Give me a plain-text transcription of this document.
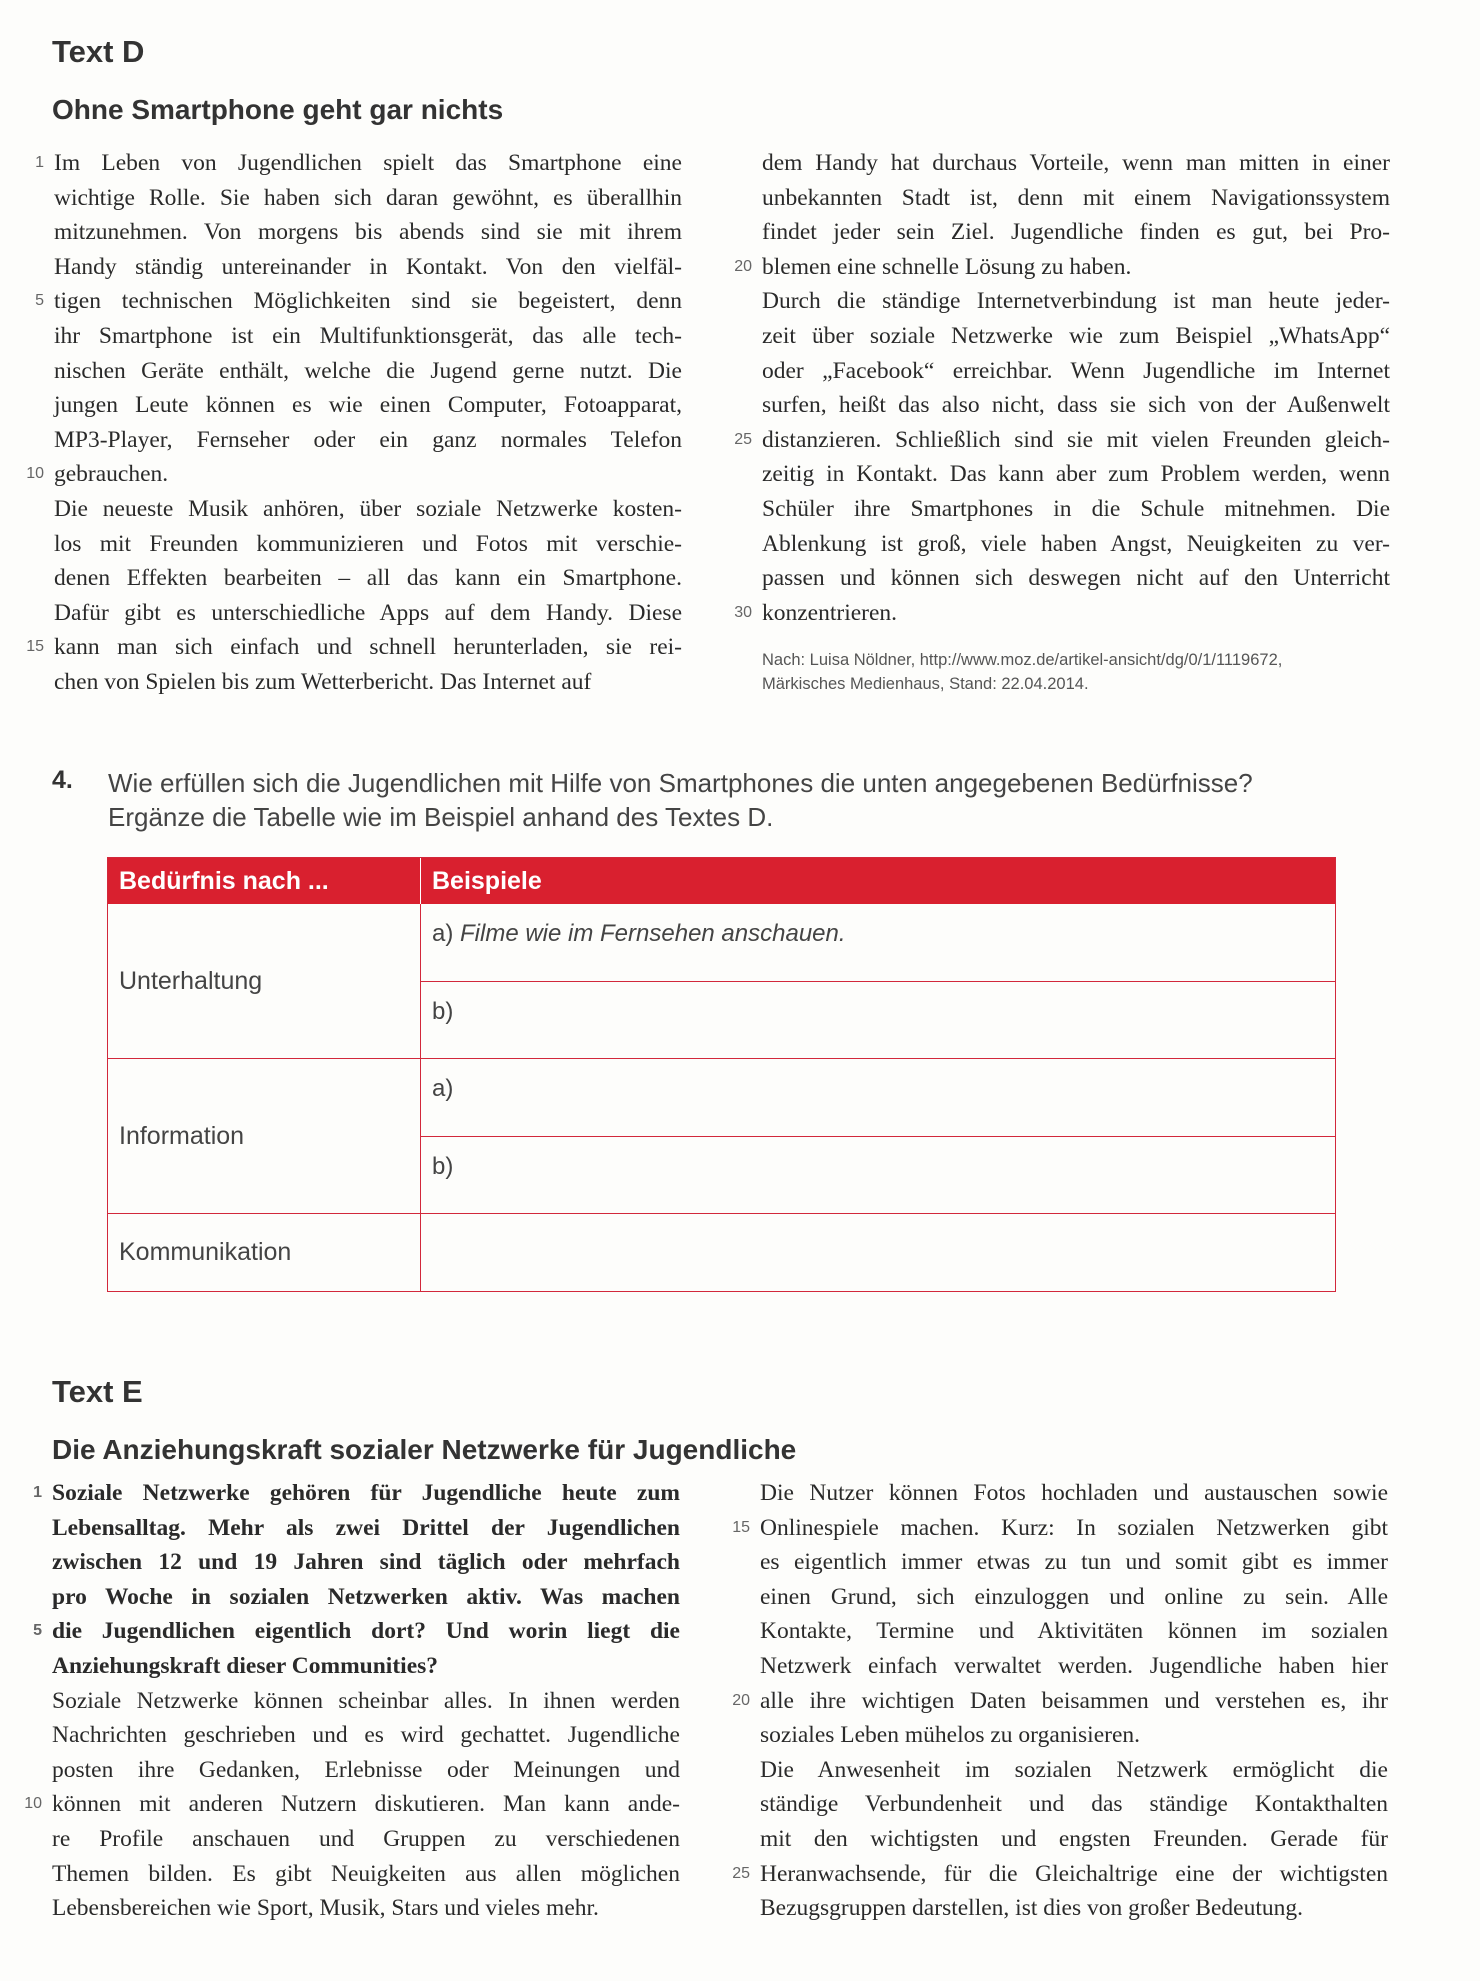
Text D
Ohne Smartphone geht gar nichts
1 Im Leben von Jugendlichen spielt das Smartphone eine
wichtige Rolle. Sie haben sich daran gewöhnt, es überallhin
mitzunehmen. Von morgens bis abends sind sie mit ihrem
Handy ständig untereinander in Kontakt. Von den vielfäl-
5 tigen technischen Möglichkeiten sind sie begeistert, denn
ihr Smartphone ist ein Multifunktionsgerät, das alle tech-
nischen Geräte enthält, welche die Jugend gerne nutzt. Die
jungen Leute können es wie einen Computer, Fotoapparat,
MP3-Player, Fernseher oder ein ganz normales Telefon
10 gebrauchen.
Die neueste Musik anhören, über soziale Netzwerke kosten-
los mit Freunden kommunizieren und Fotos mit verschie-
denen Effekten bearbeiten – all das kann ein Smartphone.
Dafür gibt es unterschiedliche Apps auf dem Handy. Diese
15 kann man sich einfach und schnell herunterladen, sie rei-
chen von Spielen bis zum Wetterbericht. Das Internet auf
dem Handy hat durchaus Vorteile, wenn man mitten in einer
unbekannten Stadt ist, denn mit einem Navigationssystem
findet jeder sein Ziel. Jugendliche finden es gut, bei Pro-
20 blemen eine schnelle Lösung zu haben.
Durch die ständige Internetverbindung ist man heute jeder-
zeit über soziale Netzwerke wie zum Beispiel „WhatsApp“
oder „Facebook“ erreichbar. Wenn Jugendliche im Internet
surfen, heißt das also nicht, dass sie sich von der Außenwelt
25 distanzieren. Schließlich sind sie mit vielen Freunden gleich-
zeitig in Kontakt. Das kann aber zum Problem werden, wenn
Schüler ihre Smartphones in die Schule mitnehmen. Die
Ablenkung ist groß, viele haben Angst, Neuigkeiten zu ver-
passen und können sich deswegen nicht auf den Unterricht
30 konzentrieren.
Nach: Luisa Nöldner, http://www.moz.de/artikel-ansicht/dg/0/1/1119672,
Märkisches Medienhaus, Stand: 22.04.2014.
4. Wie erfüllen sich die Jugendlichen mit Hilfe von Smartphones die unten angegebenen Bedürfnisse?
Ergänze die Tabelle wie im Beispiel anhand des Textes D.
Bedürfnis nach ...	Beispiele
Unterhaltung
a) Filme wie im Fernsehen anschauen.
b)
Information
a)
b)
Kommunikation
Text E
Die Anziehungskraft sozialer Netzwerke für Jugendliche
1 Soziale Netzwerke gehören für Jugendliche heute zum
Lebensalltag. Mehr als zwei Drittel der Jugendlichen
zwischen 12 und 19 Jahren sind täglich oder mehrfach
pro Woche in sozialen Netzwerken aktiv. Was machen
5 die Jugendlichen eigentlich dort? Und worin liegt die
Anziehungskraft dieser Communities?
Soziale Netzwerke können scheinbar alles. In ihnen werden
Nachrichten geschrieben und es wird gechattet. Jugendliche
posten ihre Gedanken, Erlebnisse oder Meinungen und
10 können mit anderen Nutzern diskutieren. Man kann ande-
re Profile anschauen und Gruppen zu verschiedenen
Themen bilden. Es gibt Neuigkeiten aus allen möglichen
Lebensbereichen wie Sport, Musik, Stars und vieles mehr.
Die Nutzer können Fotos hochladen und austauschen sowie
15 Onlinespiele machen. Kurz: In sozialen Netzwerken gibt
es eigentlich immer etwas zu tun und somit gibt es immer
einen Grund, sich einzuloggen und online zu sein. Alle
Kontakte, Termine und Aktivitäten können im sozialen
Netzwerk einfach verwaltet werden. Jugendliche haben hier
20 alle ihre wichtigen Daten beisammen und verstehen es, ihr
soziales Leben mühelos zu organisieren.
Die Anwesenheit im sozialen Netzwerk ermöglicht die
ständige Verbundenheit und das ständige Kontakthalten
mit den wichtigsten und engsten Freunden. Gerade für
25 Heranwachsende, für die Gleichaltrige eine der wichtigsten
Bezugsgruppen darstellen, ist dies von großer Bedeutung.
